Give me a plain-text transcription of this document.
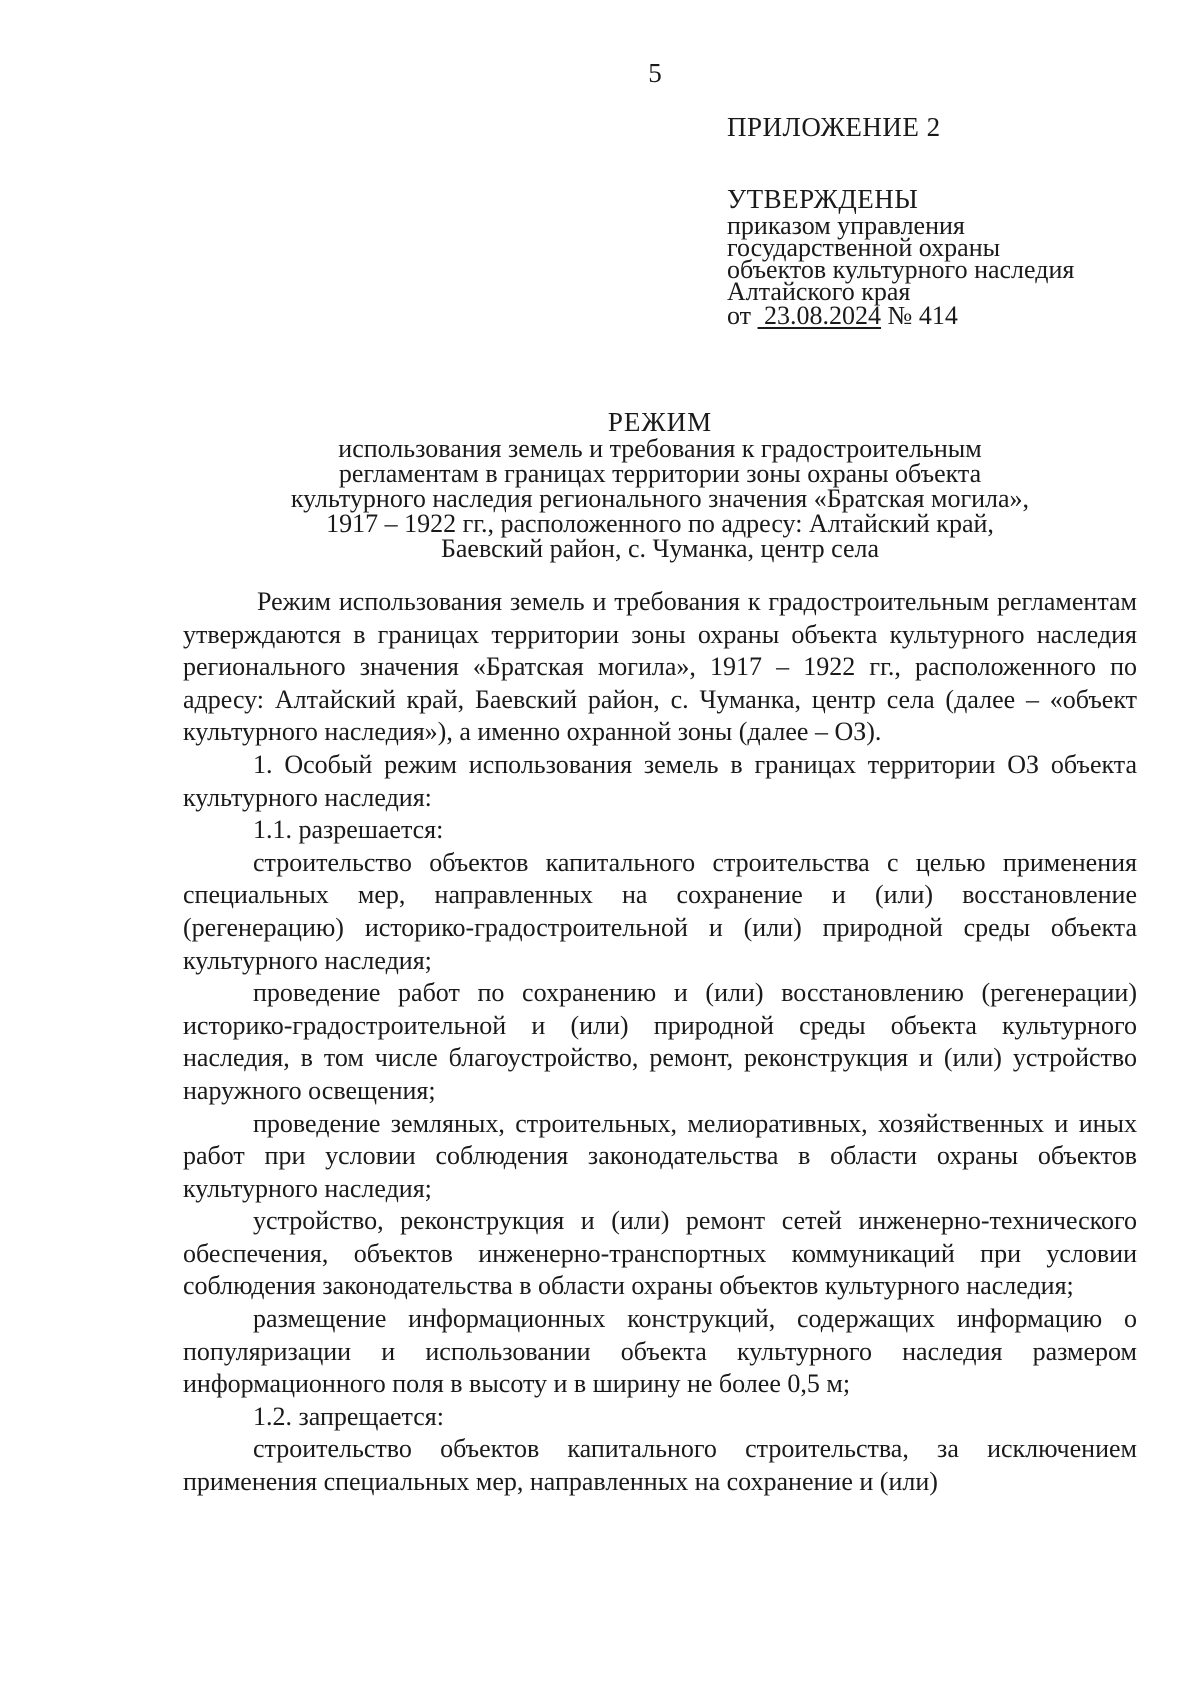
5
ПРИЛОЖЕНИЕ 2
УТВЕРЖДЕНЫ
приказом управления
государственной охраны
объектов культурного наследия
Алтайского края
от 23.08.2024 № 414
РЕЖИМ
использования земель и требования к градостроительным
регламентам в границах территории зоны охраны объекта
культурного наследия регионального значения «Братская могила»,
1917 – 1922 гг., расположенного по адресу: Алтайский край,
Баевский район, с. Чуманка, центр села

Режим использования земель и требования к градостроительным регламентам утверждаются в границах территории зоны охраны объекта культурного наследия регионального значения «Братская могила», 1917 – 1922 гг., расположенного по адресу: Алтайский край, Баевский район, с. Чуманка, центр села (далее – «объект культурного наследия»), а именно охранной зоны (далее – ОЗ).

1. Особый режим использования земель в границах территории ОЗ объекта культурного наследия:

1.1. разрешается:

строительство объектов капитального строительства с целью применения специальных мер, направленных на сохранение и (или) восстановление (регенерацию) историко-градостроительной и (или) природной среды объекта культурного наследия;

проведение работ по сохранению и (или) восстановлению (регенерации) историко-градостроительной и (или) природной среды объекта культурного наследия, в том числе благоустройство, ремонт, реконструкция и (или) устройство наружного освещения;

проведение земляных, строительных, мелиоративных, хозяйственных и иных работ при условии соблюдения законодательства в области охраны объектов культурного наследия;

устройство, реконструкция и (или) ремонт сетей инженерно-технического обеспечения, объектов инженерно-транспортных коммуникаций при условии соблюдения законодательства в области охраны объектов культурного наследия;

размещение информационных конструкций, содержащих информацию о популяризации и использовании объекта культурного наследия размером информационного поля в высоту и в ширину не более 0,5 м;

1.2. запрещается:

строительство объектов капитального строительства, за исключением применения специальных мер, направленных на сохранение и (или)
